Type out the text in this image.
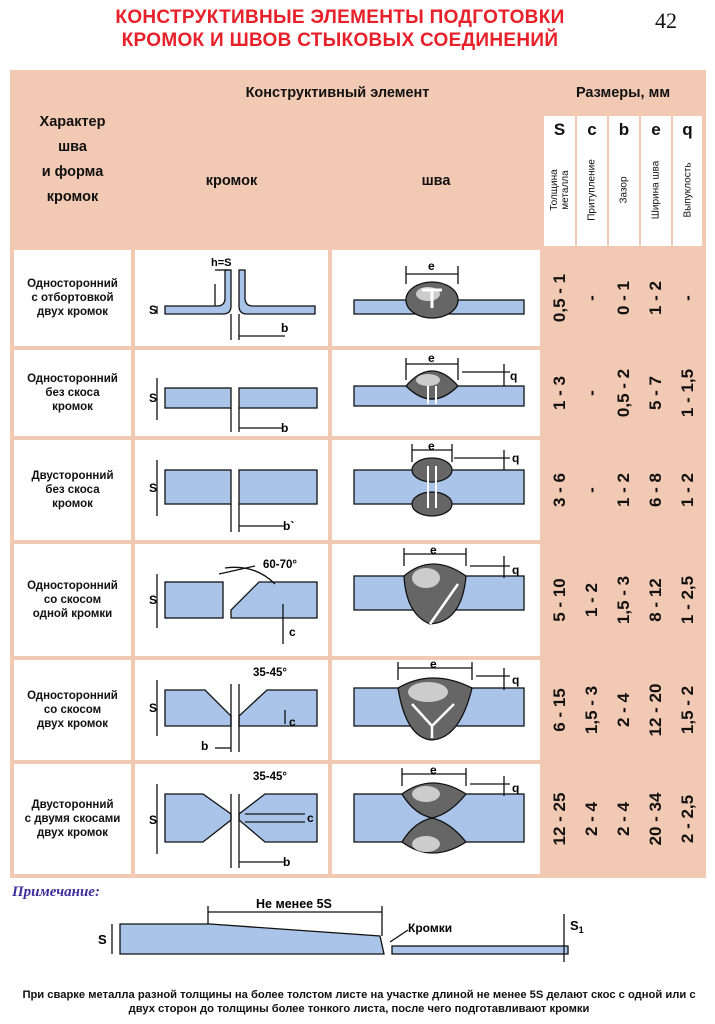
КОНСТРУКТИВНЫЕ ЭЛЕМЕНТЫ ПОДГОТОВКИ
КРОМОК И ШВОВ СТЫКОВЫХ СОЕДИНЕНИЙ
42
Характер
шва
и форма
кромок
Конструктивный элемент
кромок	шва
Размеры, мм
S
Толщина
металла
c
Притупление
b
Зазор
e
Ширина шва
q
Выпуклость
Односторонний
с отбортовкой
двух кромок
Односторонний
без скоса
кромок
Двусторонний
без скоса
кромок
Односторонний
со скосом
одной кромки
Односторонний
со скосом
двух кромок
Двусторонний
с двумя скосами
двух кромок
S
h=S
b
S
b
S
b`
S
60-70°
c
S
35-45°
b
c
S
35-45°
b
c
e
e
q
e
q
e
q
e
q
e
q
0,5 - 1 - 0 - 1 1 - 2 -
1 - 3 - 0,5 - 2 5 - 7 1 - 1,5
3 - 6 - 1 - 2 6 - 8 1 - 2
5 - 10 1 - 2 1,5 - 3 8 - 12 1 - 2,5
6 - 15 1,5 - 3 2 - 4 12 - 20 1,5 - 2
12 - 25 2 - 4 2 - 4 20 - 34 2 - 2,5
Примечание:
S
Не менее 5S
Кромки	$S_1$
При сварке металла разной толщины на более толстом листе на участке длиной не менее 5S делают скос с одной или с двух сторон до толщины более тонкого листа, после чего подготавливают кромки
